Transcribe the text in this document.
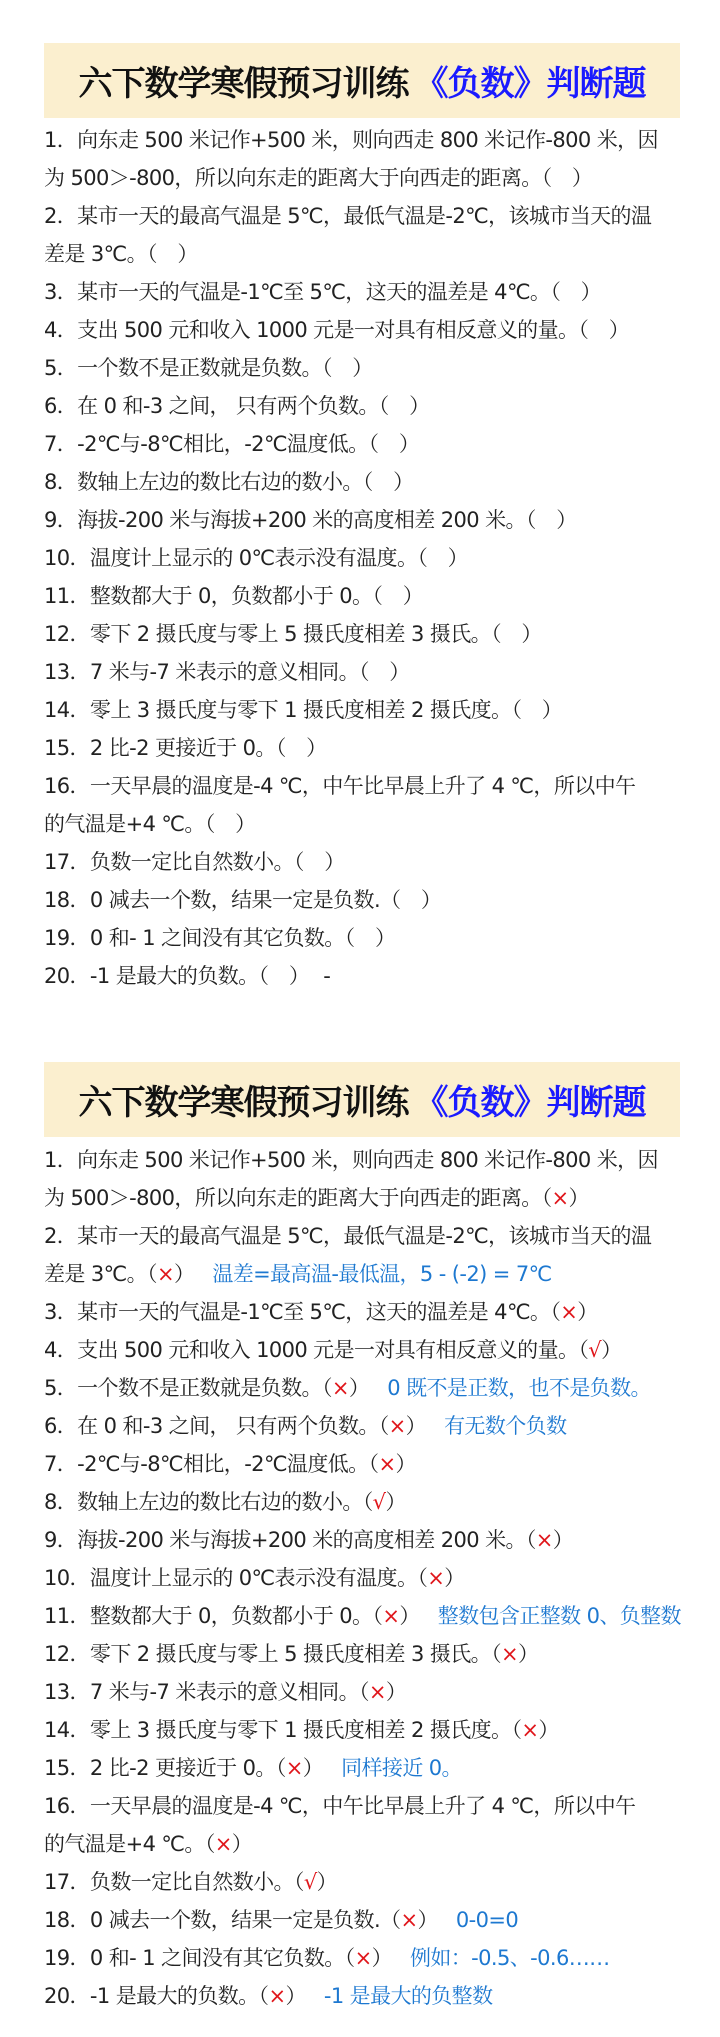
六下数学寒假预习训练 《负数》判断题
1．向东走 500 米记作+500 米，则向西走 800 米记作-800 米，因
为 500＞-800，所以向东走的距离大于向西走的距离。（　）
2．某市一天的最高气温是 5℃，最低气温是-2℃，该城市当天的温
差是 3℃。（　）
3．某市一天的气温是-1℃至 5℃，这天的温差是 4℃。（　）
4．支出 500 元和收入 1000 元是一对具有相反意义的量。（　）
5．一个数不是正数就是负数。（　）
6．在 0 和-3 之间， 只有两个负数。（　）
7．-2℃与-8℃相比，-2℃温度低。（　）
8．数轴上左边的数比右边的数小。（　）
9．海拔-200 米与海拔+200 米的高度相差 200 米。（　）
10．温度计上显示的 0℃表示没有温度。（　）
11．整数都大于 0，负数都小于 0。（　）
12．零下 2 摄氏度与零上 5 摄氏度相差 3 摄氏。（　）
13．7 米与-7 米表示的意义相同。（　）
14．零上 3 摄氏度与零下 1 摄氏度相差 2 摄氏度。（　）
15．2 比-2 更接近于 0。（　）
16．一天早晨的温度是-4 ℃，中午比早晨上升了 4 ℃，所以中午
的气温是+4 ℃。（　）
17．负数一定比自然数小。（　）
18．0 减去一个数，结果一定是负数.（　）
19．0 和- 1 之间没有其它负数。（　）
20．-1 是最大的负数。（　） -
六下数学寒假预习训练 《负数》判断题
1．向东走 500 米记作+500 米，则向西走 800 米记作-800 米，因
为 500＞-800，所以向东走的距离大于向西走的距离。（×）
2．某市一天的最高气温是 5℃，最低气温是-2℃，该城市当天的温
差是 3℃。（×） 温差=最高温-最低温，5 - (-2) = 7℃
3．某市一天的气温是-1℃至 5℃，这天的温差是 4℃。（×）
4．支出 500 元和收入 1000 元是一对具有相反意义的量。（√）
5．一个数不是正数就是负数。（×） 0 既不是正数，也不是负数。
6．在 0 和-3 之间， 只有两个负数。（×） 有无数个负数
7．-2℃与-8℃相比，-2℃温度低。（×）
8．数轴上左边的数比右边的数小。（√）
9．海拔-200 米与海拔+200 米的高度相差 200 米。（×）
10．温度计上显示的 0℃表示没有温度。（×）
11．整数都大于 0，负数都小于 0。（×） 整数包含正整数 0、负整数
12．零下 2 摄氏度与零上 5 摄氏度相差 3 摄氏。（×）
13．7 米与-7 米表示的意义相同。（×）
14．零上 3 摄氏度与零下 1 摄氏度相差 2 摄氏度。（×）
15．2 比-2 更接近于 0。（×） 同样接近 0。
16．一天早晨的温度是-4 ℃，中午比早晨上升了 4 ℃，所以中午
的气温是+4 ℃。（×）
17．负数一定比自然数小。（√）
18．0 减去一个数，结果一定是负数.（×） 0-0=0
19．0 和- 1 之间没有其它负数。（×） 例如：-0.5、-0.6……
20．-1 是最大的负数。（×） -1 是最大的负整数
